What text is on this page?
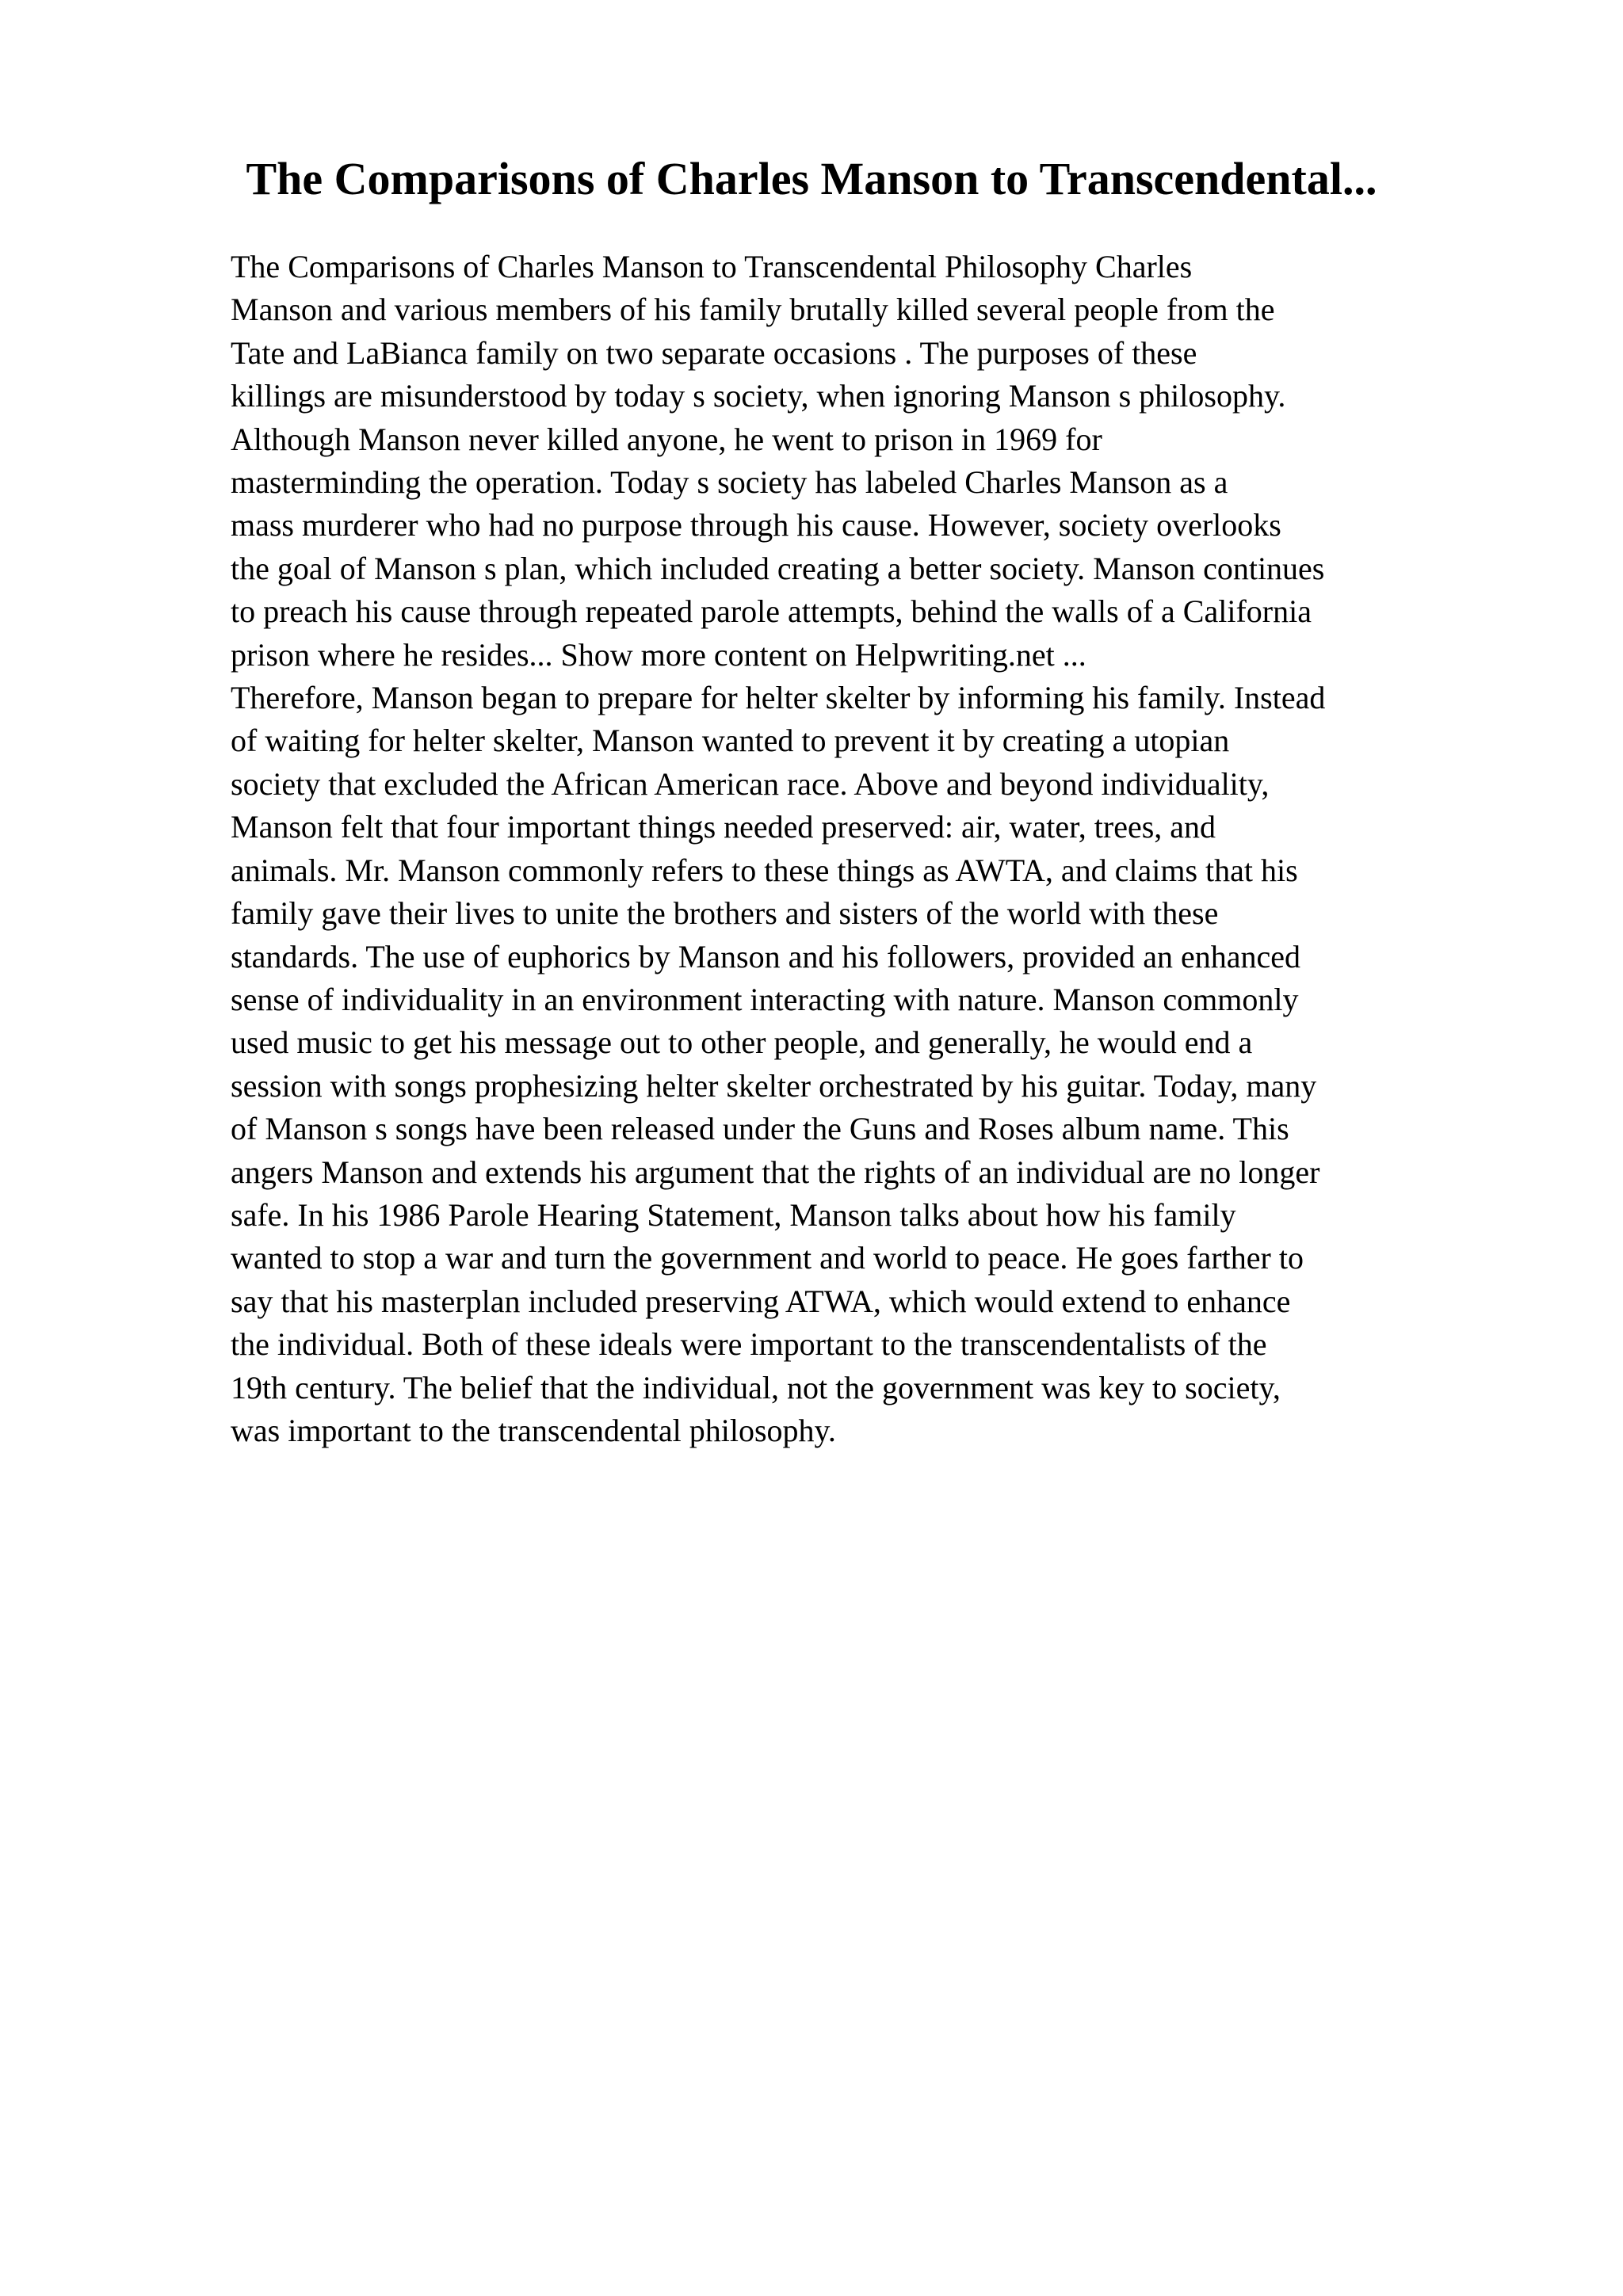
The Comparisons of Charles Manson to Transcendental...
The Comparisons of Charles Manson to Transcendental Philosophy Charles
Manson and various members of his family brutally killed several people from the
Tate and LaBianca family on two separate occasions . The purposes of these
killings are misunderstood by today s society, when ignoring Manson s philosophy.
Although Manson never killed anyone, he went to prison in 1969 for
masterminding the operation. Today s society has labeled Charles Manson as a
mass murderer who had no purpose through his cause. However, society overlooks
the goal of Manson s plan, which included creating a better society. Manson continues
to preach his cause through repeated parole attempts, behind the walls of a California
prison where he resides... Show more content on Helpwriting.net ...
Therefore, Manson began to prepare for helter skelter by informing his family. Instead
of waiting for helter skelter, Manson wanted to prevent it by creating a utopian
society that excluded the African American race. Above and beyond individuality,
Manson felt that four important things needed preserved: air, water, trees, and
animals. Mr. Manson commonly refers to these things as AWTA, and claims that his
family gave their lives to unite the brothers and sisters of the world with these
standards. The use of euphorics by Manson and his followers, provided an enhanced
sense of individuality in an environment interacting with nature. Manson commonly
used music to get his message out to other people, and generally, he would end a
session with songs prophesizing helter skelter orchestrated by his guitar. Today, many
of Manson s songs have been released under the Guns and Roses album name. This
angers Manson and extends his argument that the rights of an individual are no longer
safe. In his 1986 Parole Hearing Statement, Manson talks about how his family
wanted to stop a war and turn the government and world to peace. He goes farther to
say that his masterplan included preserving ATWA, which would extend to enhance
the individual. Both of these ideals were important to the transcendentalists of the
19th century. The belief that the individual, not the government was key to society,
was important to the transcendental philosophy.
